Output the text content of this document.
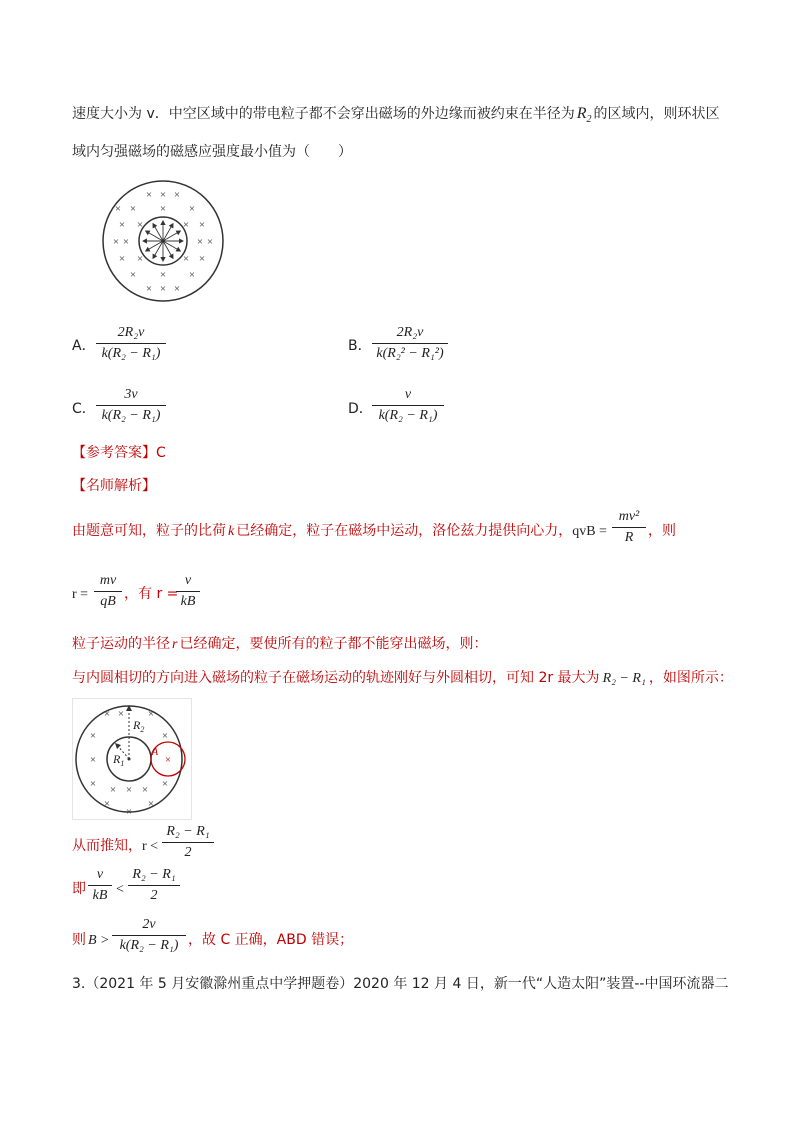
速度大小为 v．中空区域中的带电粒子都不会穿出磁场的外边缘而被约束在半径为 $R_2$ 的区域内，则环状区
域内匀强磁场的磁感应强度最小值为（　　）
× ×
× × ×
×	×
× ×	× ×
×	×
× × ×
× ×
×	×
×	×
×
×
×
A．
2R₂v
k(R₂ − R₁)	B．
2R₂v
k(R₂² − R₁²)
C．
3v
k(R₂ − R₁)	D．
v
k(R₂ − R₁)
【参考答案】C
【名师解析】
由题意可知，粒子的比荷 k 已经确定，粒子在磁场中运动，洛伦兹力提供向心力，qvB =
mv²
R	，则
r =
mv
qB ，有 r =
v
kB
粒子运动的半径 r 已经确定，要使所有的粒子都不能穿出磁场，则：
与内圆相切的方向进入磁场的粒子在磁场运动的轨迹刚好与外圆相切，可知 2r 最大为 R₂ − R₁ ，如图所示：
×	×
×	×
×
×	×
×
×
×
×
× ×
×
×
$R_2$
$R_1$
A
从而推知，r <
R₂ − R₁
2
即
v
kB <
R₂ − R₁
2
则 B >
2v
k(R₂ − R₁) ，故 C 正确，ABD 错误；
3.（2021 年 5 月安徽滁州重点中学押题卷）2020 年 12 月 4 日，新一代“人造太阳”装置--中国环流器二
